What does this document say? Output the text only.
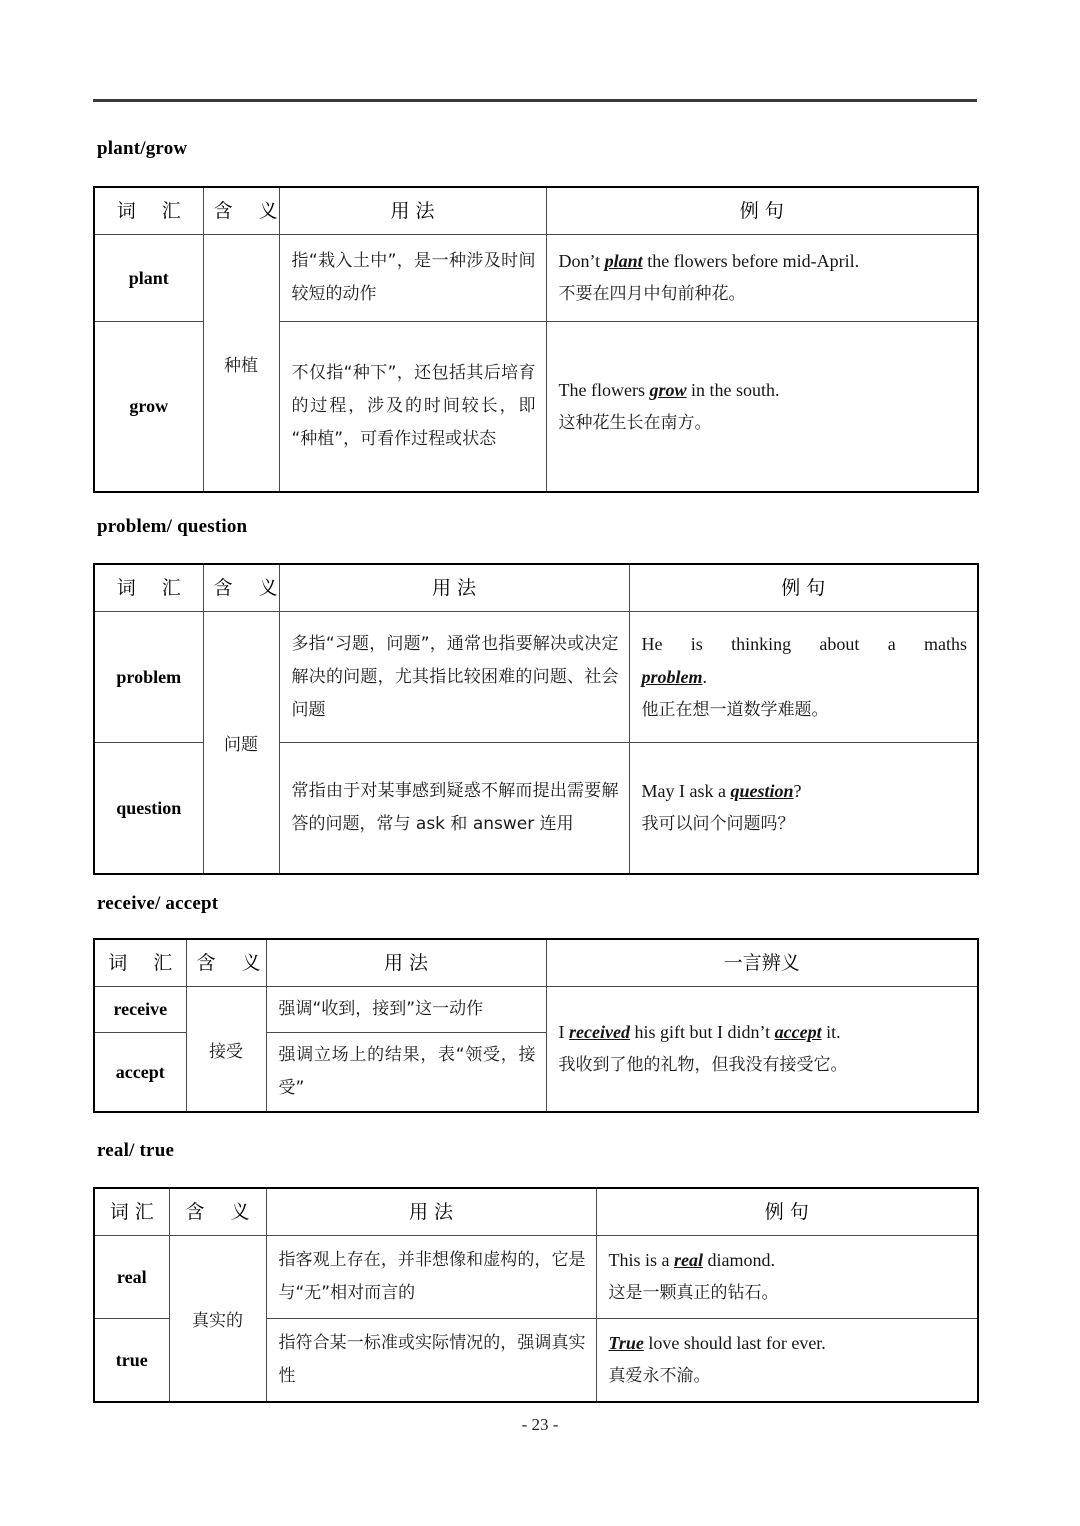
plant/grow
词 汇	含 义	用 法	例 句
plant	种植	指“栽入土中”，是一种涉及时间较短的动作	Don’t plant the flowers before mid-April.
不要在四月中旬前种花。

grow		不仅指“种下”，还包括其后培育的过程，涉及的时间较长，即“种植”，可看作过程或状态	The flowers grow in the south.
这种花生长在南方。
problem/ question
词 汇	含 义	用 法	例 句
problem	问题	多指“习题，问题”，通常也指要解决或决定解决的问题，尤其指比较困难的问题、社会问题	He is thinking about a maths
problem.
他正在想一道数学难题。

question		常指由于对某事感到疑惑不解而提出需要解答的问题，常与 ask 和 answer 连用	May I ask a question?
我可以问个问题吗？
receive/ accept
词 汇	含 义	用 法	一言辨义
receive	接受	强调“收到，接到”这一动作	I received his gift but I didn’t accept it.
我收到了他的礼物，但我没有接受它。

accept		强调立场上的结果，表“领受，接受”	
real/ true
词 汇	含 义	用 法	例 句
real	真实的	指客观上存在，并非想像和虚构的，它是与“无”相对而言的	This is a real diamond.
这是一颗真正的钻石。

true		指符合某一标准或实际情况的，强调真实性	True love should last for ever.
真爱永不渝。
- 23 -
